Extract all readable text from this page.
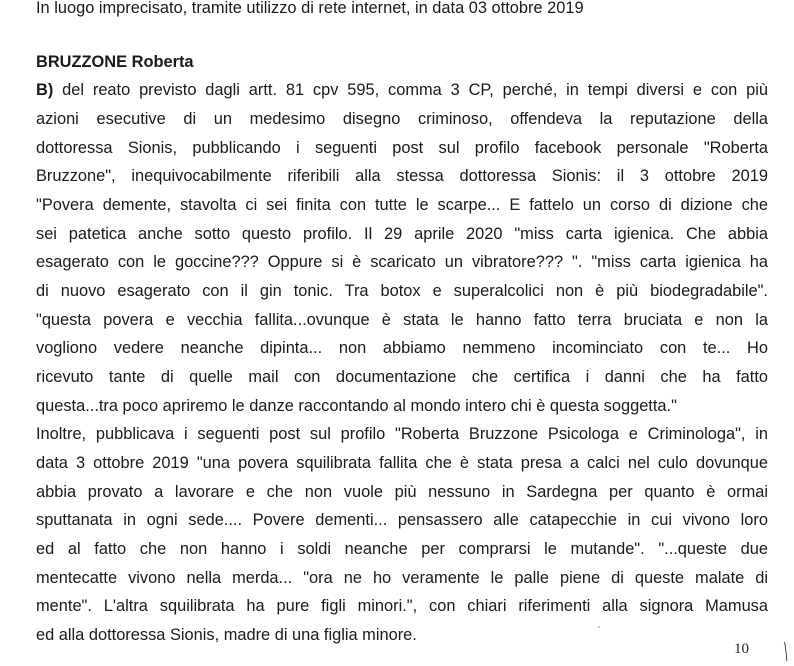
In luogo imprecisato, tramite utilizzo di rete internet, in data 03 ottobre 2019
BRUZZONE Roberta
B) del reato previsto dagli artt. 81 cpv 595, comma 3 CP, perché, in tempi diversi e con più
azioni esecutive di un medesimo disegno criminoso, offendeva la reputazione della
dottoressa Sionis, pubblicando i seguenti post sul profilo facebook personale "Roberta
Bruzzone", inequivocabilmente riferibili alla stessa dottoressa Sionis: il 3 ottobre 2019
"Povera demente, stavolta ci sei finita con tutte le scarpe... E fattelo un corso di dizione che
sei patetica anche sotto questo profilo. Il 29 aprile 2020 "miss carta igienica. Che abbia
esagerato con le goccine??? Oppure si è scaricato un vibratore??? ". "miss carta igienica ha
di nuovo esagerato con il gin tonic. Tra botox e superalcolici non è più biodegradabile".
"questa povera e vecchia fallita...ovunque è stata le hanno fatto terra bruciata e non la
vogliono vedere neanche dipinta... non abbiamo nemmeno incominciato con te... Ho
ricevuto tante di quelle mail con documentazione che certifica i danni che ha fatto
questa...tra poco apriremo le danze raccontando al mondo intero chi è questa soggetta."
Inoltre, pubblicava i seguenti post sul profilo "Roberta Bruzzone Psicologa e Criminologa", in
data 3 ottobre 2019 "una povera squilibrata fallita che è stata presa a calci nel culo dovunque
abbia provato a lavorare e che non vuole più nessuno in Sardegna per quanto è ormai
sputtanata in ogni sede.... Povere dementi... pensassero alle catapecchie in cui vivono loro
ed al fatto che non hanno i soldi neanche per comprarsi le mutande". "...queste due
mentecatte vivono nella merda... "ora ne ho veramente le palle piene di queste malate di
mente". L'altra squilibrata ha pure figli minori.", con chiari riferimenti alla signora Mamusa
ed alla dottoressa Sionis, madre di una figlia minore.
10
